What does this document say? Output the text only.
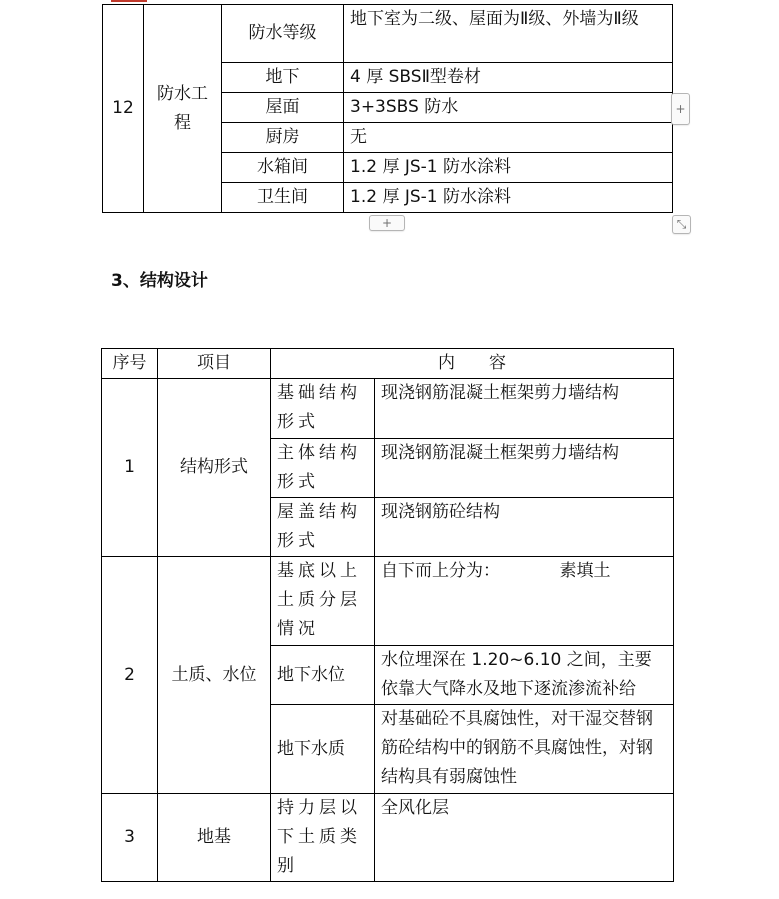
12	防水工程	防水等级	地下室为二级、屋面为Ⅱ级、外墙为Ⅱ级
		地下	4 厚 SBSⅡ型卷材
		屋面	3+3SBS 防水
		厨房	无
		水箱间	1.2 厚 JS-1 防水涂料
		卫生间	1.2 厚 JS-1 防水涂料
+
+	⤡
3、结构设计
序号	项目	内　　容	
1	结构形式	基础结构形式	现浇钢筋混凝土框架剪力墙结构
		主体结构形式	现浇钢筋混凝土框架剪力墙结构
		屋盖结构形式	现浇钢筋砼结构
2	土质、水位	基底以上土质分层情况	自下而上分为：　　　　素填土
		地下水位	水位埋深在 1.20~6.10 之间，主要依靠大气降水及地下逐流渗流补给
		地下水质	对基础砼不具腐蚀性，对干湿交替钢筋砼结构中的钢筋不具腐蚀性，对钢结构具有弱腐蚀性
3	地基	持力层以下土质类别	全风化层
